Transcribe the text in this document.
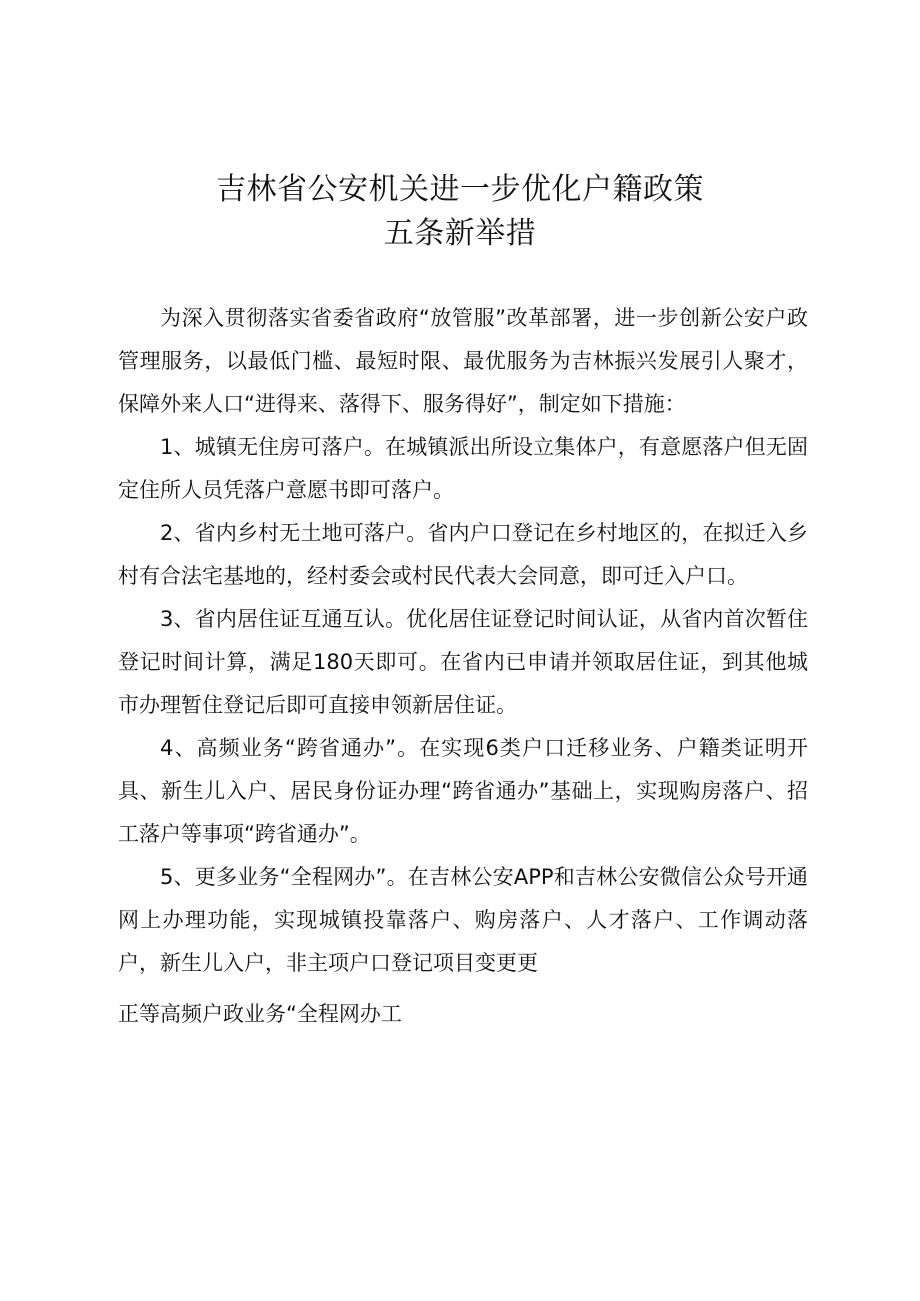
吉林省公安机关进一步优化户籍政策
五条新举措

为深入贯彻落实省委省政府“放管服”改革部署，进一步创新公安户政管理服务，以最低门槛、最短时限、最优服务为吉林振兴发展引人聚才，保障外来人口“进得来、落得下、服务得好”，制定如下措施：

1、城镇无住房可落户。在城镇派出所设立集体户，有意愿落户但无固定住所人员凭落户意愿书即可落户。

2、省内乡村无土地可落户。省内户口登记在乡村地区的，在拟迁入乡村有合法宅基地的，经村委会或村民代表大会同意，即可迁入户口。

3、省内居住证互通互认。优化居住证登记时间认证，从省内首次暂住登记时间计算，满足180天即可。在省内已申请并领取居住证，到其他城市办理暂住登记后即可直接申领新居住证。

4、高频业务“跨省通办”。在实现6类户口迁移业务、户籍类证明开具、新生儿入户、居民身份证办理“跨省通办”基础上，实现购房落户、招工落户等事项“跨省通办”。

5、更多业务“全程网办”。在吉林公安APP和吉林公安微信公众号开通网上办理功能，实现城镇投靠落户、购房落户、人才落户、工作调动落户，新生儿入户，非主项户口登记项目变更更

正等高频户政业务“全程网办工
